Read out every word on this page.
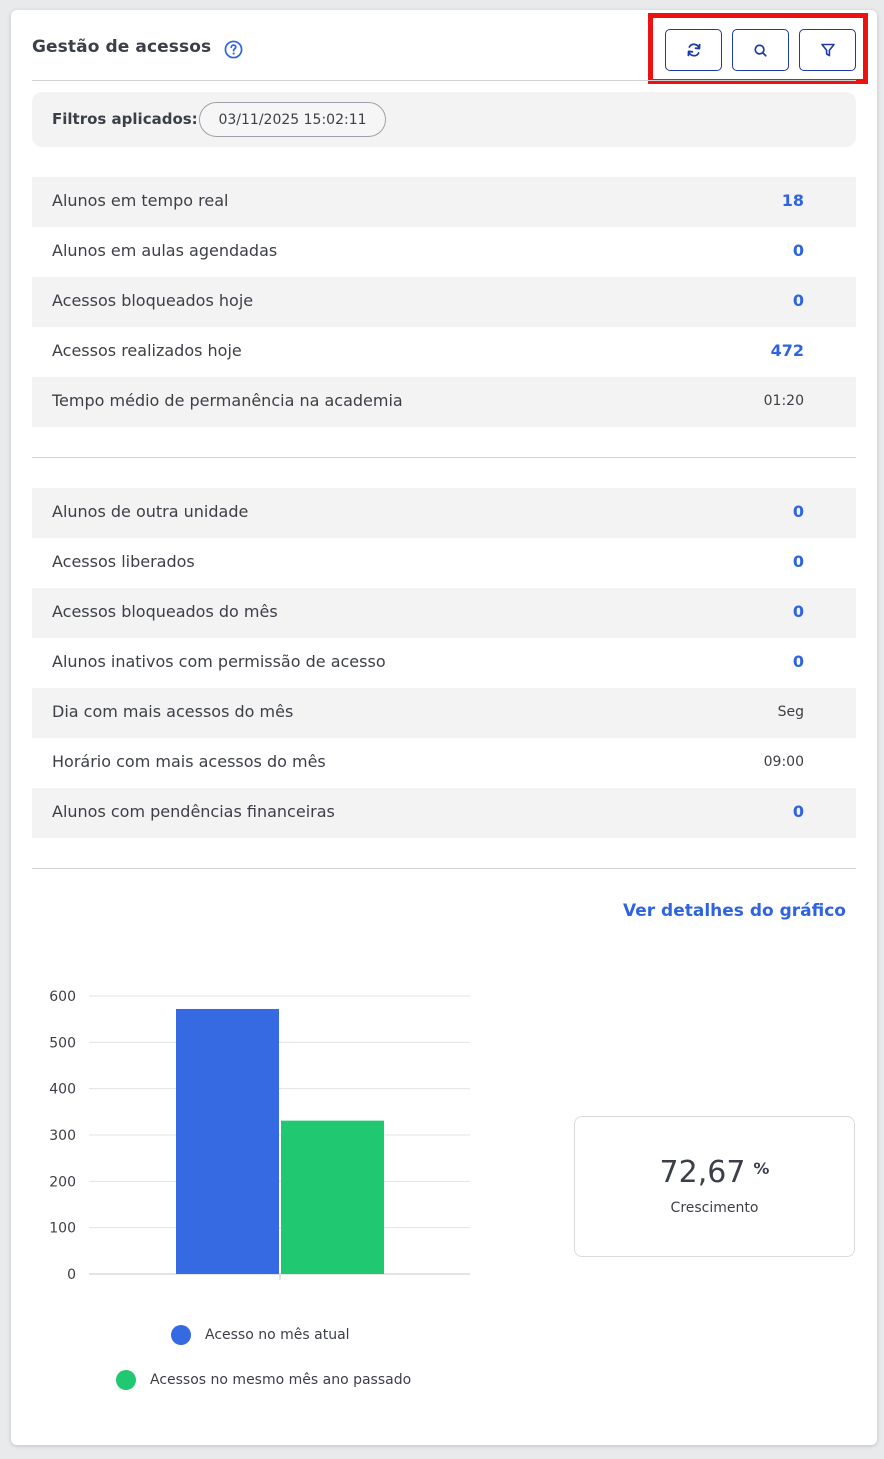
Gestão de acessos
Filtros aplicados:	03/11/2025 15:02:11
Alunos em tempo real	18
Alunos em aulas agendadas	0
Acessos bloqueados hoje	0
Acessos realizados hoje	472
Tempo médio de permanência na academia	01:20
Alunos de outra unidade	0
Acessos liberados	0
Acessos bloqueados do mês	0
Alunos inativos com permissão de acesso	0
Dia com mais acessos do mês	Seg
Horário com mais acessos do mês	09:00
Alunos com pendências financeiras	0
Ver detalhes do gráfico
0
100
200
300
400
500
600
Acesso no mês atual
Acessos no mesmo mês ano passado
72,67 %
Crescimento
